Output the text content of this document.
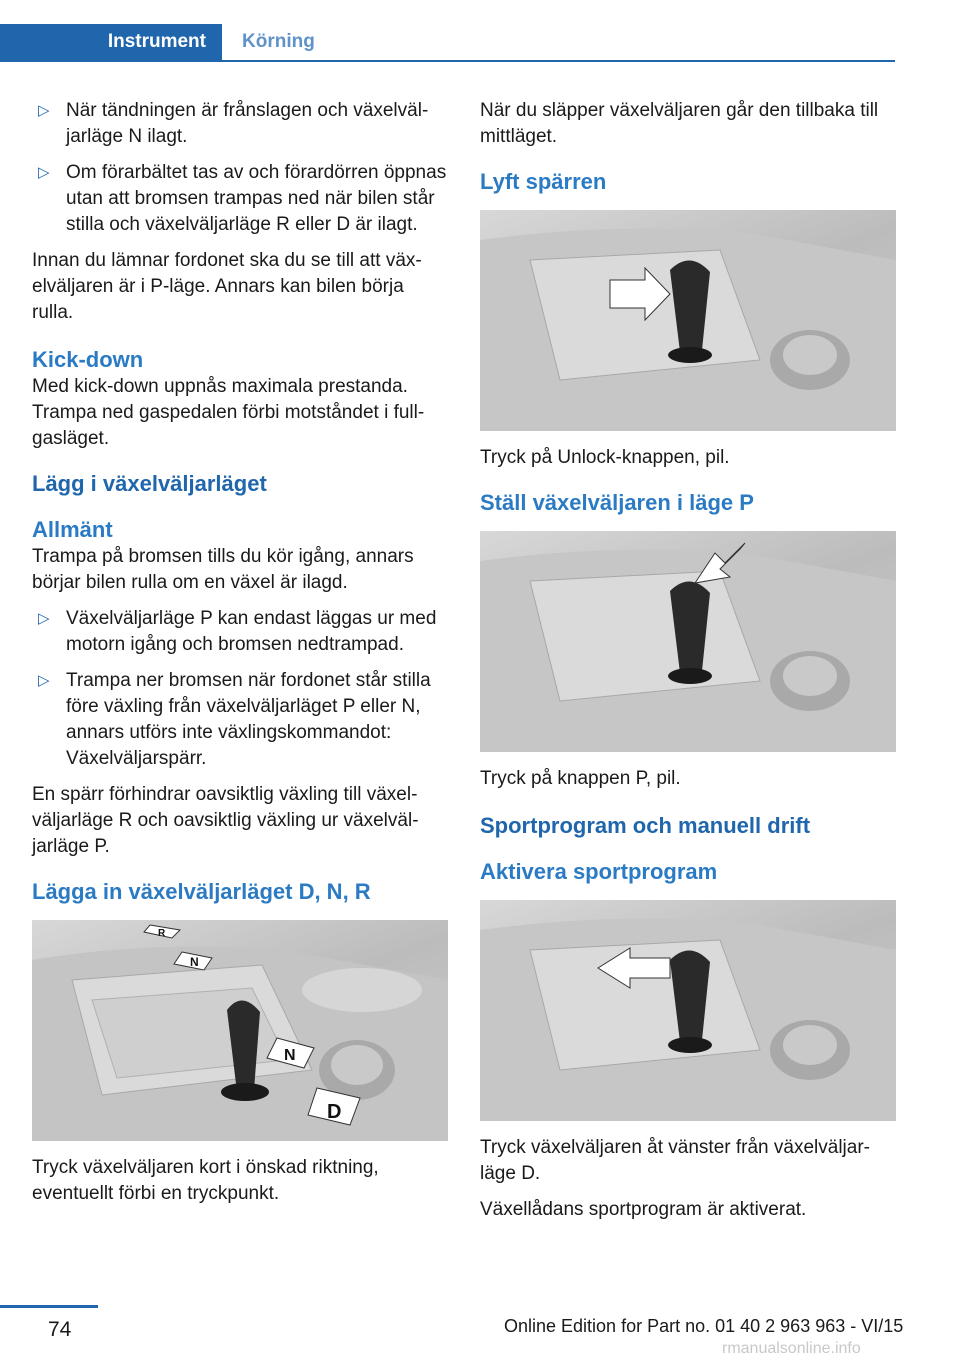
Instrument	Körning
▷ När tändningen är frånslagen och växelväljarläge N ilagt.
▷ Om förarbältet tas av och förardörren öppnas utan att bromsen trampas ned när bilen står stilla och växelväljarläge R eller D är ilagt.

Innan du lämnar fordonet ska du se till att växelväljaren är i P-läge. Annars kan bilen börja rulla.

Kick-down

Med kick-down uppnås maximala prestanda. Trampa ned gaspedalen förbi motståndet i fullgasläget.

Lägg i växelväljarläget
Allmänt

Trampa på bromsen tills du kör igång, annars börjar bilen rulla om en växel är ilagd.

▷ Växelväljarläge P kan endast läggas ur med motorn igång och bromsen nedtrampad.
▷ Trampa ner bromsen när fordonet står stilla före växling från växelväljarläget P eller N, annars utförs inte växlingskommandot: Växelväljarspärr.

En spärr förhindrar oavsiktlig växling till växelväljarläge R och oavsiktlig växling ur växelväljarläge P.

Lägga in växelväljarläget D, N, R
R
N
N
D

Tryck växelväljaren kort i önskad riktning, eventuellt förbi en tryckpunkt.

När du släpper växelväljaren går den tillbaka till mittläget.

Lyft spärren

Tryck på Unlock-knappen, pil.

Ställ växelväljaren i läge P

Tryck på knappen P, pil.

Sportprogram och manuell drift
Aktivera sportprogram

Tryck växelväljaren åt vänster från växelväljarläge D.

Växellådans sportprogram är aktiverat.

74	Online Edition for Part no. 01 40 2 963 963 - VI/15
rmanualsonline.info
